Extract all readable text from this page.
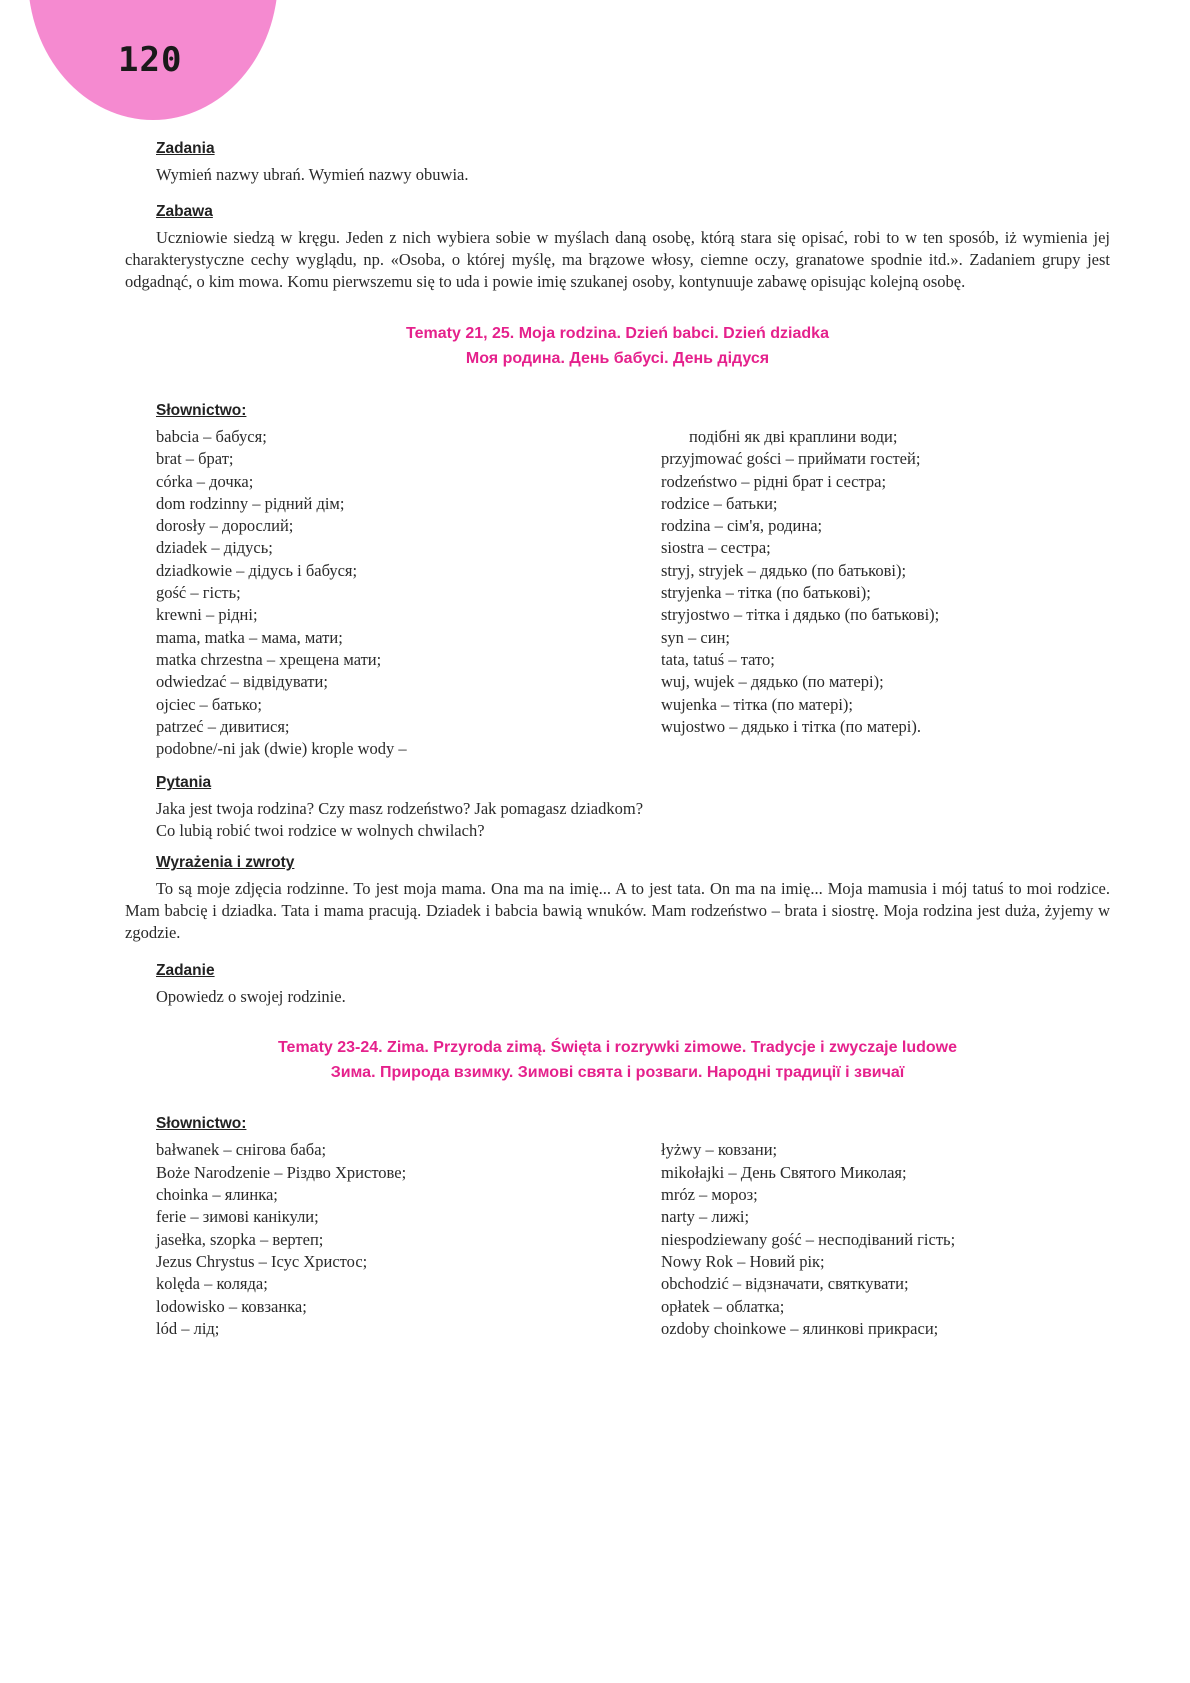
120
Zadania

Wymień nazwy ubrań. Wymień nazwy obuwia.

Zabawa

Uczniowie siedzą w kręgu. Jeden z nich wybiera sobie w myślach daną osobę, którą stara się opisać, robi to w ten sposób, iż wymienia jej charakterystyczne cechy wyglądu, np. «Osoba, o której myślę, ma brązowe włosy, ciemne oczy, granatowe spodnie itd.». Zadaniem grupy jest odgadnąć, o kim mowa. Komu pierwszemu się to uda i powie imię szukanej osoby, kontynuuje zabawę opisując kolejną osobę.

Tematy 21, 25. Moja rodzina. Dzień babci. Dzień dziadka
Моя родина. День бабусі. День дідуся
Słownictwo:
babcia – бабуся;
brat – брат;
córka – дочка;
dom rodzinny – рідний дім;
dorosły – дорослий;
dziadek – дідусь;
dziadkowie – дідусь і бабуся;
gość – гість;
krewni – рідні;
mama, matka – мама, мати;
matka chrzestna – хрещена мати;
odwiedzać – відвідувати;
ojciec – батько;
patrzeć – дивитися;
podobne/-ni jak (dwie) krople wody –
подібні як дві краплини води;
przyjmować gości – приймати гостей;
rodzeństwo – рідні брат і сестра;
rodzice – батьки;
rodzina – сім'я, родина;
siostra – сестра;
stryj, stryjek – дядько (по батькові);
stryjenka – тітка (по батькові);
stryjostwo – тітка і дядько (по батькові);
syn – син;
tata, tatuś – тато;
wuj, wujek – дядько (по матері);
wujenka – тітка (по матері);
wujostwo – дядько і тітка (по матері).
Pytania

Jaka jest twoja rodzina? Czy masz rodzeństwo? Jak pomagasz dziadkom?

Co lubią robić twoi rodzice w wolnych chwilach?

Wyrażenia i zwroty

To są moje zdjęcia rodzinne. To jest moja mama. Ona ma na imię... A to jest tata. On ma na imię... Moja mamusia i mój tatuś to moi rodzice. Mam babcię i dziadka. Tata i mama pracują. Dziadek i babcia bawią wnuków. Mam rodzeństwo – brata i siostrę. Moja rodzina jest duża, żyjemy w zgodzie.

Zadanie

Opowiedz o swojej rodzinie.

Tematy 23-24. Zima. Przyroda zimą. Święta i rozrywki zimowe. Tradycje i zwyczaje ludowe
Зима. Природа взимку. Зимові свята і розваги. Народні традиції і звичаї
Słownictwo:
bałwanek – снігова баба;
Boże Narodzenie – Різдво Христове;
choinka – ялинка;
ferie – зимові канікули;
jasełka, szopka – вертеп;
Jezus Chrystus – Ісус Христос;
kolęda – коляда;
lodowisko – ковзанка;
lód – лід;
łyżwy – ковзани;
mikołajki – День Святого Миколая;
mróz – мороз;
narty – лижі;
niespodziewany gość – несподіваний гість;
Nowy Rok – Новий рік;
obchodzić – відзначати, святкувати;
opłatek – облатка;
ozdoby choinkowe – ялинкові прикраси;
